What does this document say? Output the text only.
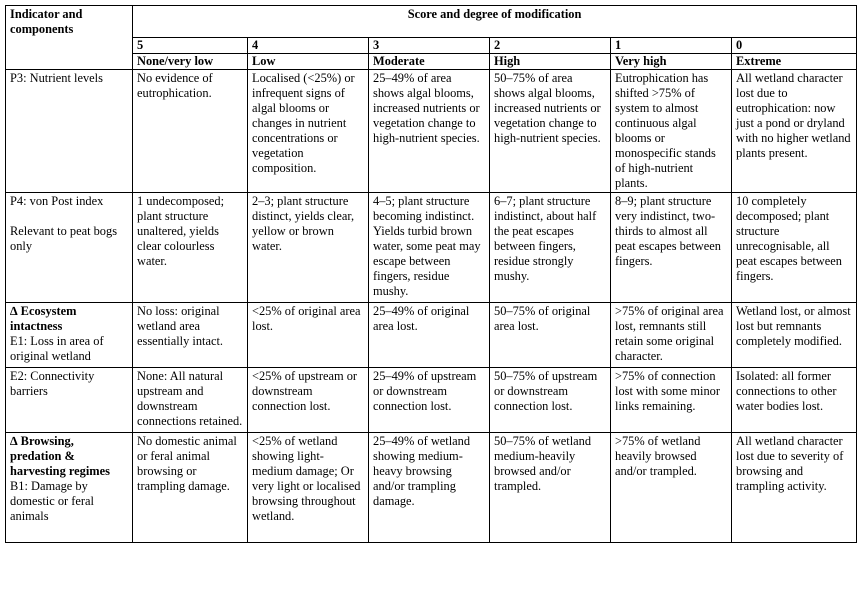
Indicator and components	Score and degree of modification					
	5	4	3	2	1	0
	None/very low	Low	Moderate	High	Very high	Extreme
P3: Nutrient levels	No evidence of eutrophication.	Localised (<25%) or infrequent signs of algal blooms or changes in nutrient concentrations or vegetation composition.	25–49% of area shows algal blooms, increased nutrients or vegetation change to high-nutrient species.	50–75% of area shows algal blooms, increased nutrients or vegetation change to high-nutrient species.	Eutrophication has shifted >75% of system to almost continuous algal blooms or monospecific stands of high-nutrient plants.	All wetland character lost due to eutrophication: now just a pond or dryland with no higher wetland plants present.
P4: von Post index
Relevant to peat bogs only	1 undecomposed; plant structure unaltered, yields clear colourless water.	2–3; plant structure distinct, yields clear, yellow or brown water.	4–5; plant structure becoming indistinct. Yields turbid brown water, some peat may escape between fingers, residue mushy.	6–7; plant structure indistinct, about half the peat escapes between fingers, residue strongly mushy.	8–9; plant structure very indistinct, two-thirds to almost all peat escapes between fingers.	10 completely decomposed; plant structure unrecognisable, all peat escapes between fingers.
∆ Ecosystem intactness
E1: Loss in area of original wetland	No loss: original wetland area essentially intact.	<25% of original area lost.	25–49% of original area lost.	50–75% of original area lost.	>75% of original area lost, remnants still retain some original character.	Wetland lost, or almost lost but remnants completely modified.
E2: Connectivity barriers	None: All natural upstream and downstream connections retained.	<25% of upstream or downstream connection lost.	25–49% of upstream or downstream connection lost.	50–75% of upstream or downstream connection lost.	>75% of connection lost with some minor links remaining.	Isolated: all former connections to other water bodies lost.
∆ Browsing, predation & harvesting regimes
B1: Damage by domestic or feral animals	No domestic animal or feral animal browsing or trampling damage.	<25% of wetland showing light-medium damage; Or very light or localised browsing throughout wetland.	25–49% of wetland showing medium-heavy browsing and/or trampling damage.	50–75% of wetland medium-heavily browsed and/or trampled.	>75% of wetland heavily browsed and/or trampled.	All wetland character lost due to severity of browsing and trampling activity.
